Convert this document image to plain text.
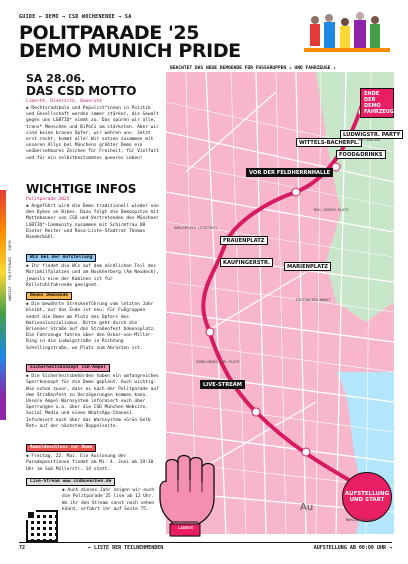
GUIDE ← DEMO → CSD WOCHENENDE → SA
POLITPARADE '25
DEMO MUNICH PRIDE
BEACHTET DAS NEUE DEMOENDE FÜR FUSSGRUPPEN ↓ UND FAHRZEUGE ↓
ANREISE · POLITPARADE · INFOS
SA 28.06.
DAS CSD MOTTO
Liberté, Diversité, Queerité
✱ Rechtsradikale und Populist*innen in Politik und Gesellschaft werden immer stärker, die Gewalt gegen uns LGBTIQ* nimmt zu. Das spüren wir alle, trans* Menschen und BiPoCs am stärksten. Aber wir sind keine braven Opfer, wir wehren uns. Jetzt erst recht, kommt alle! Wir setzen zusammen mit unseren Allys bei Münchens größter Demo ein unübersehbares Zeichen für Freiheit, für Vielfalt und für ein selbstbestimmtes queeres Leben!
WICHTIGE INFOS
Politparade 2025
✱ Angeführt wird die Demo traditionell wieder von den Dykes on Bikes. Dazu folgt die Demospitze mit Mottobanner von CSD und Vertretenden des Münchner LGBTIQ*-Community zusammen mit Schirmfrau OB Dieter Reiter und Rosa-Liste-Stadtrat Thomas Niederbühl.
WCs bei der Aufstellung
✱ Ihr findet die WCs auf dem nördlichen Teil des Mariahilfplatzes und am Nockherberg (Am Neudeck), jeweils eine der Kabinen ist für Rollstuhlfahrende geeignet.
Neues Demoende
✱ Die bewährte Streckenführung vom letzten Jahr bleibt, nur das Ende ist neu: Für Fußgruppen endet die Demo am Platz des Opfers des Nationalsozialismus. Bitte geht durch die Brienner Straße auf das Straßenfest Odeonsplatz. Die Fahrzeuge fahren über den Oskar-von-Miller-Ring in die Ludwigstraße in Richtung Schellingstraße, wo Platz zum Abrüsten ist.
Sicherheitskonzept CSD-Ampel
✱ Die Sicherheitsbehörden haben ein umfangreiches Sperrkonzept für die Demo geplant. Auch wichtig: Wie schon zuvor, dass es nach der Politparade auf dem Straßenfest zu Verzögerungen kommen kann. Unsere Ampel-Warnsystem informiert euch über Sperrungen u.a. über die CSD München Website, Social Media und einen WhatsApp-Channel. Informiert euch über das Warnsystem »Grün Gelb Rot« auf der nächsten Doppelseite.
Anmeldeschluss zur Demo
✱ Freitag, 22. Mai. Ein Auslosung der Paradepositionen findet am Mi. 4. Juni ab 19:30 Uhr im Sub Müllerstr. 14 statt.
Live-Stream www.csdmuenchen.de
✱ Auch dieses Jahr zeigen wir euch die Politparade'25 live ab 12 Uhr. Wo ihr den Stream sonst noch sehen könnt, erfahrt ihr auf Seite 75.
ENDE DER DEMO FAHRZEUGE
LUDWIGSTR. PARTY
WITTELS-BACHERPL.
FOOD&DRINKS
VOR DER FELDHERRNHALLE
HOF-GARTEN
MAX-JOSEPH-PLATZ
KARLSPLATZ (STACHUS)
FRAUENPLATZ
KAUFINGERSTR.
MARIENPLATZ
VIKTUALIEN-MARKT
SENDLINGER-TOR-PLATZ
LIVE-STREAM
AUFSTELLUNG UND START
MARIAHILFPLATZ
Au
LIBERTÉ
72	← LISTE DER TEILNEHMENDEN	AUFSTELLUNG AB 00:00 UHR →
